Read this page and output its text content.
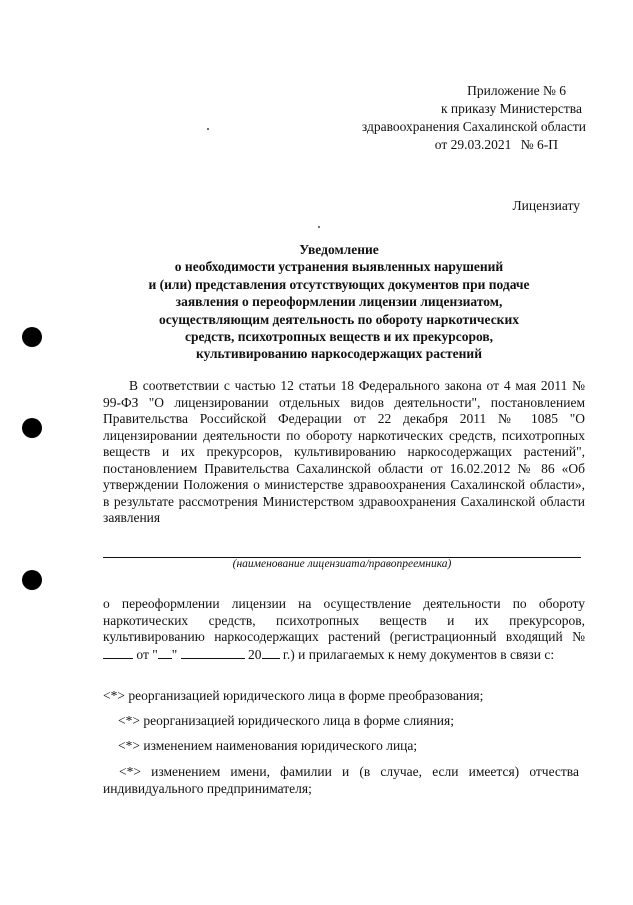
Приложение № 6
к приказу Министерства
здравоохранения Сахалинской области
от 29.03.2021 № 6-П
Лицензиату
Уведомление
о необходимости устранения выявленных нарушений
и (или) представления отсутствующих документов при подаче
заявления о переоформлении лицензии лицензиатом,
осуществляющим деятельность по обороту наркотических
средств, психотропных веществ и их прекурсоров,
культивированию наркосодержащих растений
В соответствии с частью 12 статьи 18 Федерального закона от 4 мая 2011 № 99-ФЗ "О лицензировании отдельных видов деятельности", постановлением Правительства Российской Федерации от 22 декабря 2011 № 1085 "О лицензировании деятельности по обороту наркотических средств, психотропных веществ и их прекурсоров, культивированию наркосодержащих растений", постановлением Правительства Сахалинской области от 16.02.2012 № 86 «Об утверждении Положения о министерстве здравоохранения Сахалинской области», в результате рассмотрения Министерством здравоохранения Сахалинской области заявления
(наименование лицензиата/правопреемника)
о переоформлении лицензии на осуществление деятельности по обороту наркотических средств, психотропных веществ и их прекурсоров, культивированию наркосодержащих растений (регистрационный входящий №  от " "	20 г.) и прилагаемых к нему документов в связи с:
<*> реорганизацией юридического лица в форме преобразования;
<*> реорганизацией юридического лица в форме слияния;
<*> изменением наименования юридического лица;
<*> изменением имени, фамилии и (в случае, если имеется) отчества индивидуального предпринимателя;
